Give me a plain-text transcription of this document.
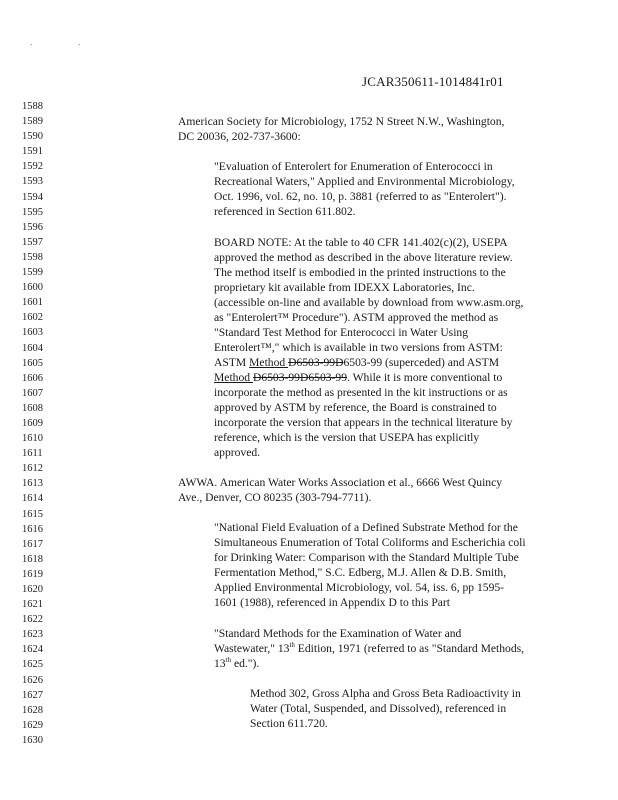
. .
JCAR350611-1014841r01
1588
1589
1590
1591
1592
1593
1594
1595
1596
1597
1598
1599
1600
1601
1602
1603
1604
1605
1606
1607
1608
1609
1610
1611
1612
1613
1614
1615
1616
1617
1618
1619
1620
1621
1622
1623
1624
1625
1626
1627
1628
1629
1630
American Society for Microbiology, 1752 N Street N.W., Washington,
DC 20036, 202-737-3600:
"Evaluation of Enterolert for Enumeration of Enterococci in
Recreational Waters," Applied and Environmental Microbiology,
Oct. 1996, vol. 62, no. 10, p. 3881 (referred to as "Enterolert").
referenced in Section 611.802.
BOARD NOTE: At the table to 40 CFR 141.402(c)(2), USEPA
approved the method as described in the above literature review.
The method itself is embodied in the printed instructions to the
proprietary kit available from IDEXX Laboratories, Inc.
(accessible on-line and available by download from www.asm.org,
as "Enterolert™ Procedure"). ASTM approved the method as
"Standard Test Method for Enterococci in Water Using
Enterolert™," which is available in two versions from ASTM:
ASTM Method D6503-99D6503-99 (superceded) and ASTM
Method D6503-99D6503-99. While it is more conventional to
incorporate the method as presented in the kit instructions or as
approved by ASTM by reference, the Board is constrained to
incorporate the version that appears in the technical literature by
reference, which is the version that USEPA has explicitly
approved.
AWWA. American Water Works Association et al., 6666 West Quincy
Ave., Denver, CO 80235 (303-794-7711).
"National Field Evaluation of a Defined Substrate Method for the
Simultaneous Enumeration of Total Coliforms and Escherichia coli
for Drinking Water: Comparison with the Standard Multiple Tube
Fermentation Method," S.C. Edberg, M.J. Allen & D.B. Smith,
Applied Environmental Microbiology, vol. 54, iss. 6, pp 1595-
1601 (1988), referenced in Appendix D to this Part
"Standard Methods for the Examination of Water and
Wastewater," 13th Edition, 1971 (referred to as "Standard Methods,
13th ed.").
Method 302, Gross Alpha and Gross Beta Radioactivity in
Water (Total, Suspended, and Dissolved), referenced in
Section 611.720.
